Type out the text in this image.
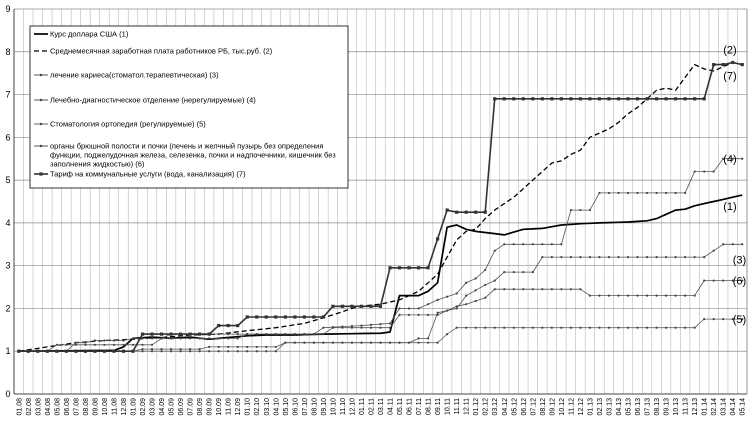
0
1
2
3
4
5
6
7
8
9
01.08 02.08 03.08 04.08 05.08 06.08 07.08 08.08 09.08 10.08 11.08 12.08 01.09 02.09 03.09 04.09 05.09 06.09 07.09 08.09 09.09 10.09 11.09 12.09 01.10 02.10 03.10 04.10 05.10 06.10 07.10 08.10 09.10 10.10 11.10 12.10 01.11 02.11 03.11 04.11 05.11 06.11 07.11 08.11 09.11 10.11 11.11 12.11 01.12 02.12 03.12 04.12 05.12 06.12 07.12 08.12 09.12 10.12 11.12 12.12 01.13 02.13 03.13 04.13 05.13 06.13 07.13 08.13 09.13 10.13 11.13 12.13 01.14 02.14 03.14 04.14 05.14
Курс доллара США (1)
Среднемесячная заработная плата работников РБ, тыс.руб. (2)
лечение кариеса(стоматол.терапевтическая) (3)
Лечебно-диагностическое отделение (нерегулируемые) (4)
Стоматология ортопедия (регулируемые) (5)
органы брюшной полости и почки (печень и желчный пузырь без определения
функции, поджелудочная железа, селезенка, почки и надпочечники, кишечник без
заполнения жидкостью) (6)
Тариф на коммунальные услуги (вода, канализация) (7)
(1)
(2)
(7)
(4)
(3)
(6)
(5)
